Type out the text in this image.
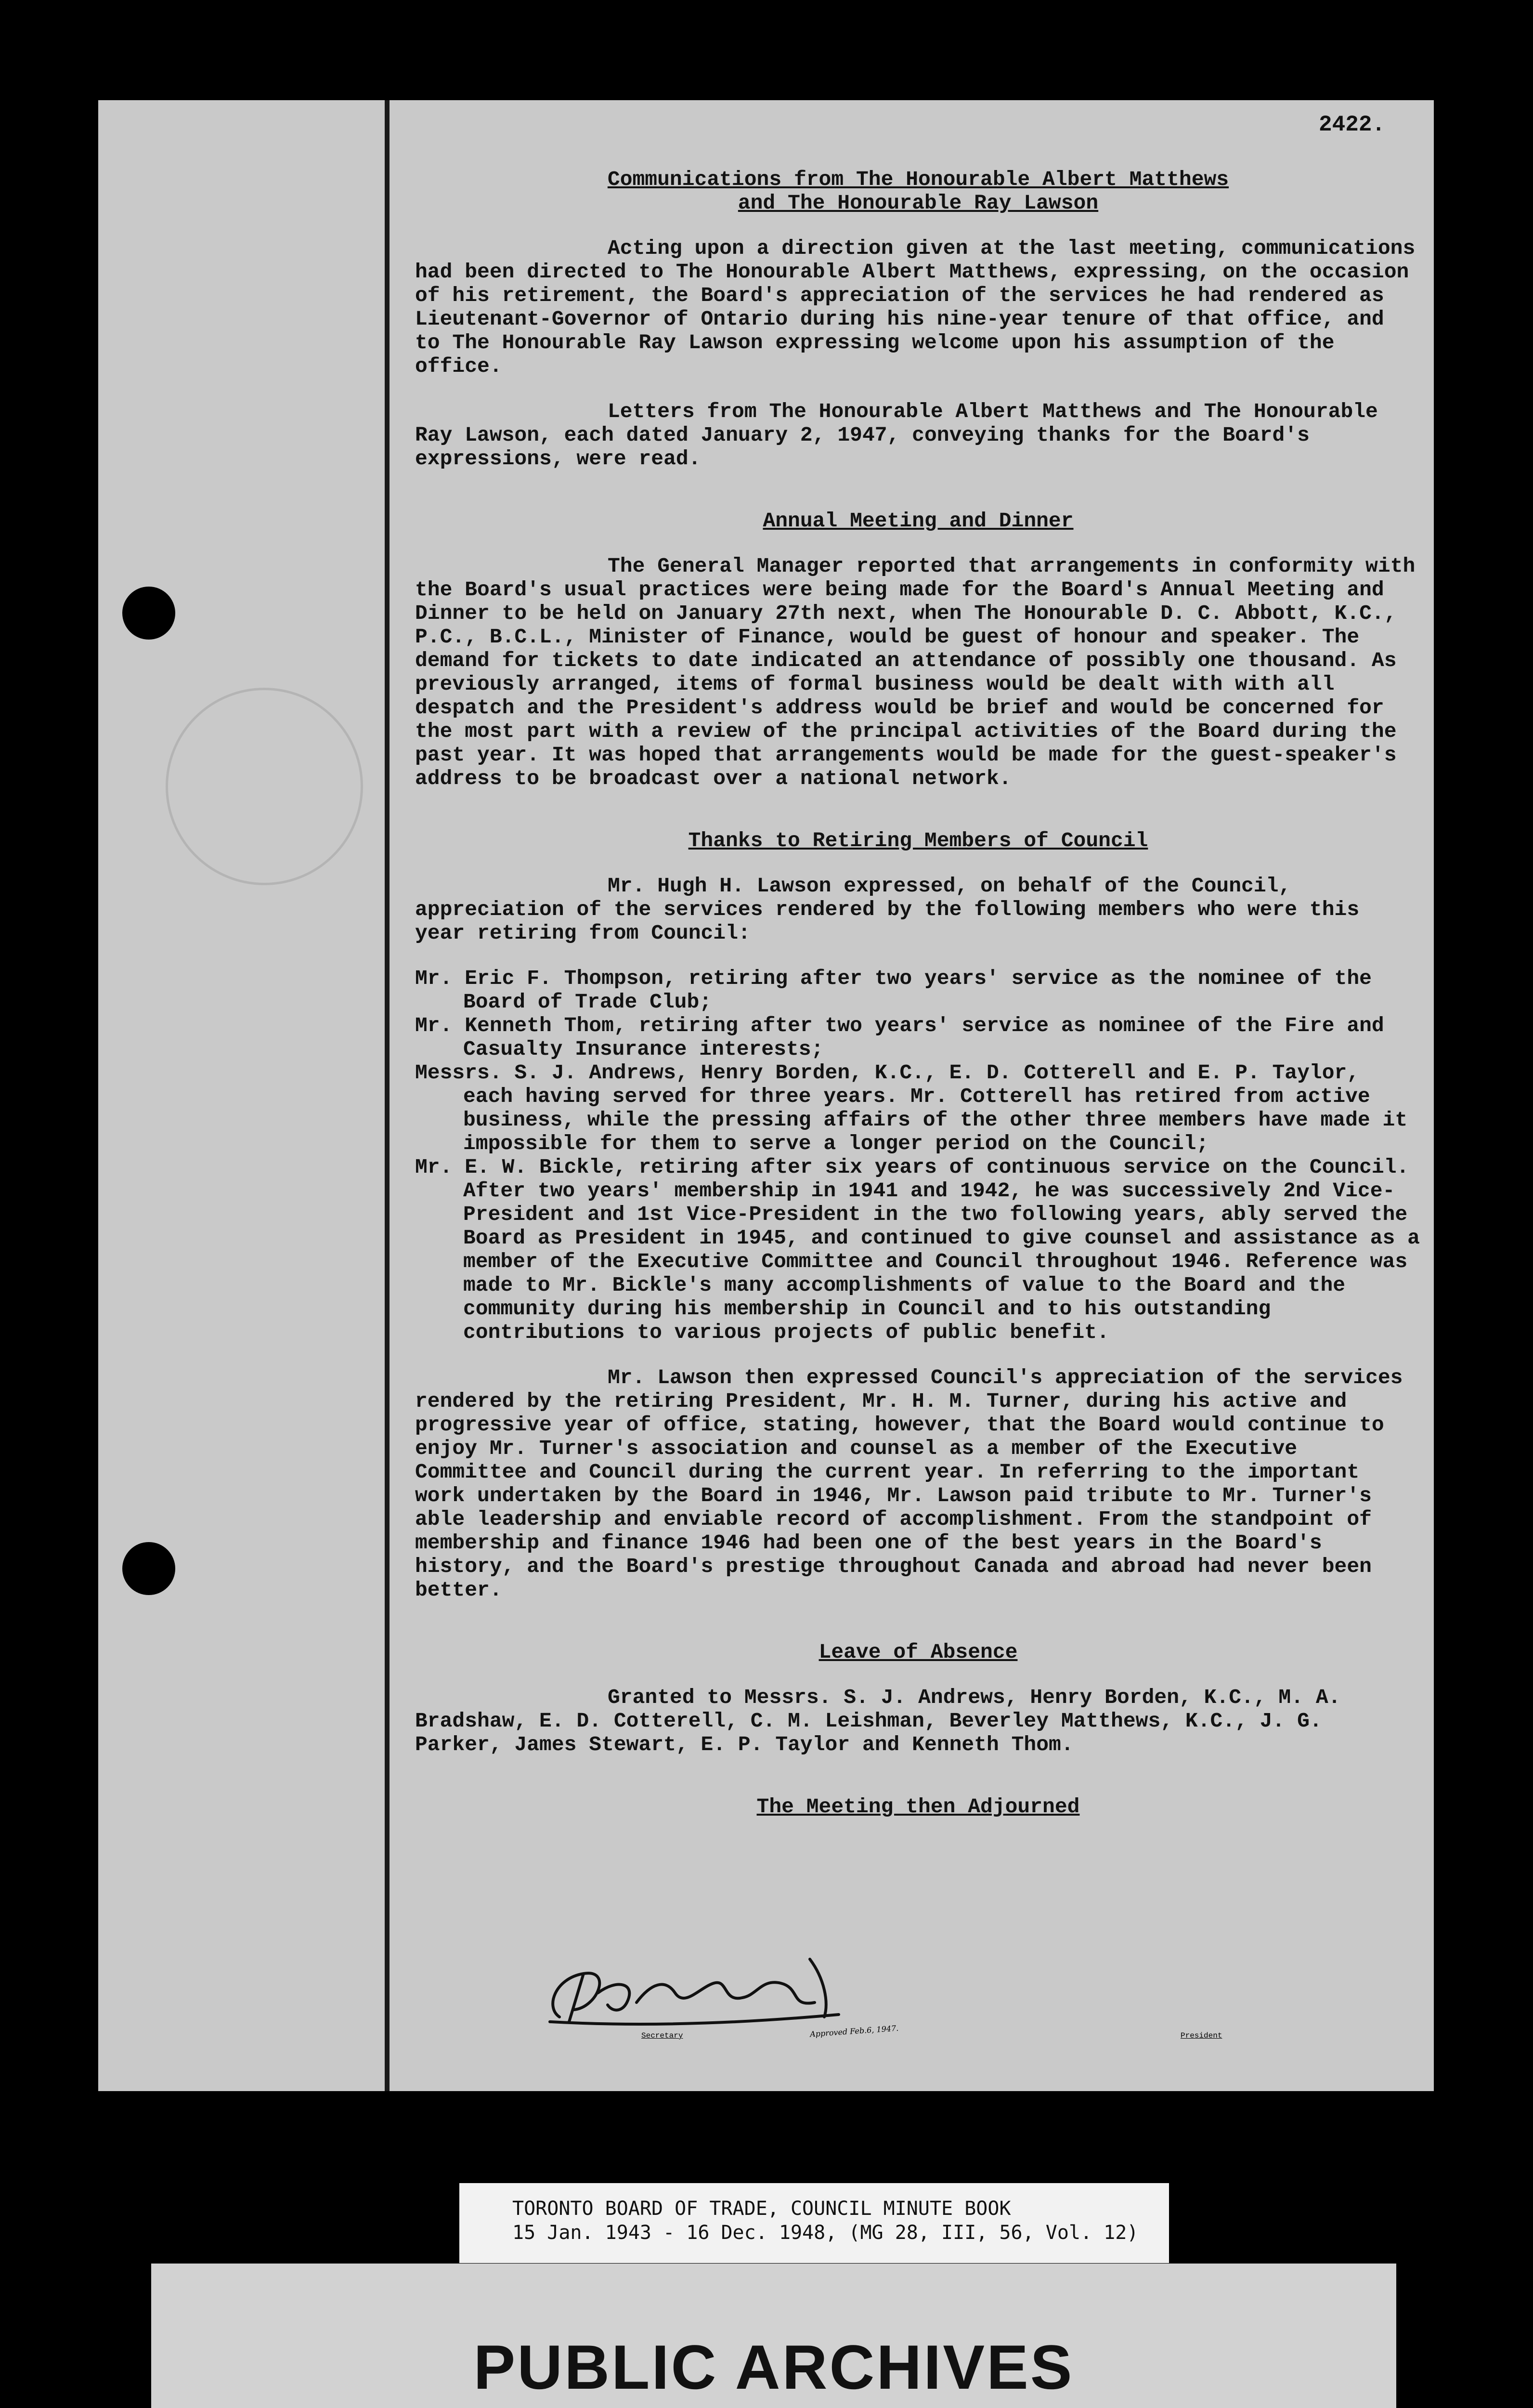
2422.

Communications from The Honourable Albert Matthews

and The Honourable Ray Lawson

Acting upon a direction given at the last meeting, communications had been directed to The Honourable Albert Matthews, expressing, on the occasion of his retirement, the Board's appreciation of the services he had rendered as Lieutenant-Governor of Ontario during his nine-year tenure of that office, and to The Honourable Ray Lawson expressing welcome upon his assumption of the office.

Letters from The Honourable Albert Matthews and The Honourable Ray Lawson, each dated January 2, 1947, conveying thanks for the Board's expressions, were read.

Annual Meeting and Dinner

The General Manager reported that arrangements in conformity with the Board's usual practices were being made for the Board's Annual Meeting and Dinner to be held on January 27th next, when The Honourable D. C. Abbott, K.C., P.C., B.C.L., Minister of Finance, would be guest of honour and speaker. The demand for tickets to date indicated an attendance of possibly one thousand. As previously arranged, items of formal business would be dealt with with all despatch and the President's address would be brief and would be concerned for the most part with a review of the principal activities of the Board during the past year. It was hoped that arrangements would be made for the guest-speaker's address to be broadcast over a national network.

Thanks to Retiring Members of Council

Mr. Hugh H. Lawson expressed, on behalf of the Council, appreciation of the services rendered by the following members who were this year retiring from Council:

Mr. Eric F. Thompson, retiring after two years' service as the nominee of the Board of Trade Club;

Mr. Kenneth Thom, retiring after two years' service as nominee of the Fire and Casualty Insurance interests;

Messrs. S. J. Andrews, Henry Borden, K.C., E. D. Cotterell and E. P. Taylor, each having served for three years. Mr. Cotterell has retired from active business, while the pressing affairs of the other three members have made it impossible for them to serve a longer period on the Council;

Mr. E. W. Bickle, retiring after six years of continuous service on the Council. After two years' membership in 1941 and 1942, he was successively 2nd Vice-President and 1st Vice-President in the two following years, ably served the Board as President in 1945, and continued to give counsel and assistance as a member of the Executive Committee and Council throughout 1946. Reference was made to Mr. Bickle's many accomplishments of value to the Board and the community during his membership in Council and to his outstanding contributions to various projects of public benefit.

Mr. Lawson then expressed Council's appreciation of the services rendered by the retiring President, Mr. H. M. Turner, during his active and progressive year of office, stating, however, that the Board would continue to enjoy Mr. Turner's association and counsel as a member of the Executive Committee and Council during the current year. In referring to the important work undertaken by the Board in 1946, Mr. Lawson paid tribute to Mr. Turner's able leadership and enviable record of accomplishment. From the standpoint of membership and finance 1946 had been one of the best years in the Board's history, and the Board's prestige throughout Canada and abroad had never been better.

Leave of Absence

Granted to Messrs. S. J. Andrews, Henry Borden, K.C., M. A. Bradshaw, E. D. Cotterell, C. M. Leishman, Beverley Matthews, K.C., J. G. Parker, James Stewart, E. P. Taylor and Kenneth Thom.

The Meeting then Adjourned

Secretary	Approved Feb.6, 1947.	President
TORONTO BOARD OF TRADE, COUNCIL MINUTE BOOK
15 Jan. 1943 - 16 Dec. 1948, (MG 28, III, 56, Vol. 12)
PUBLIC ARCHIVES
